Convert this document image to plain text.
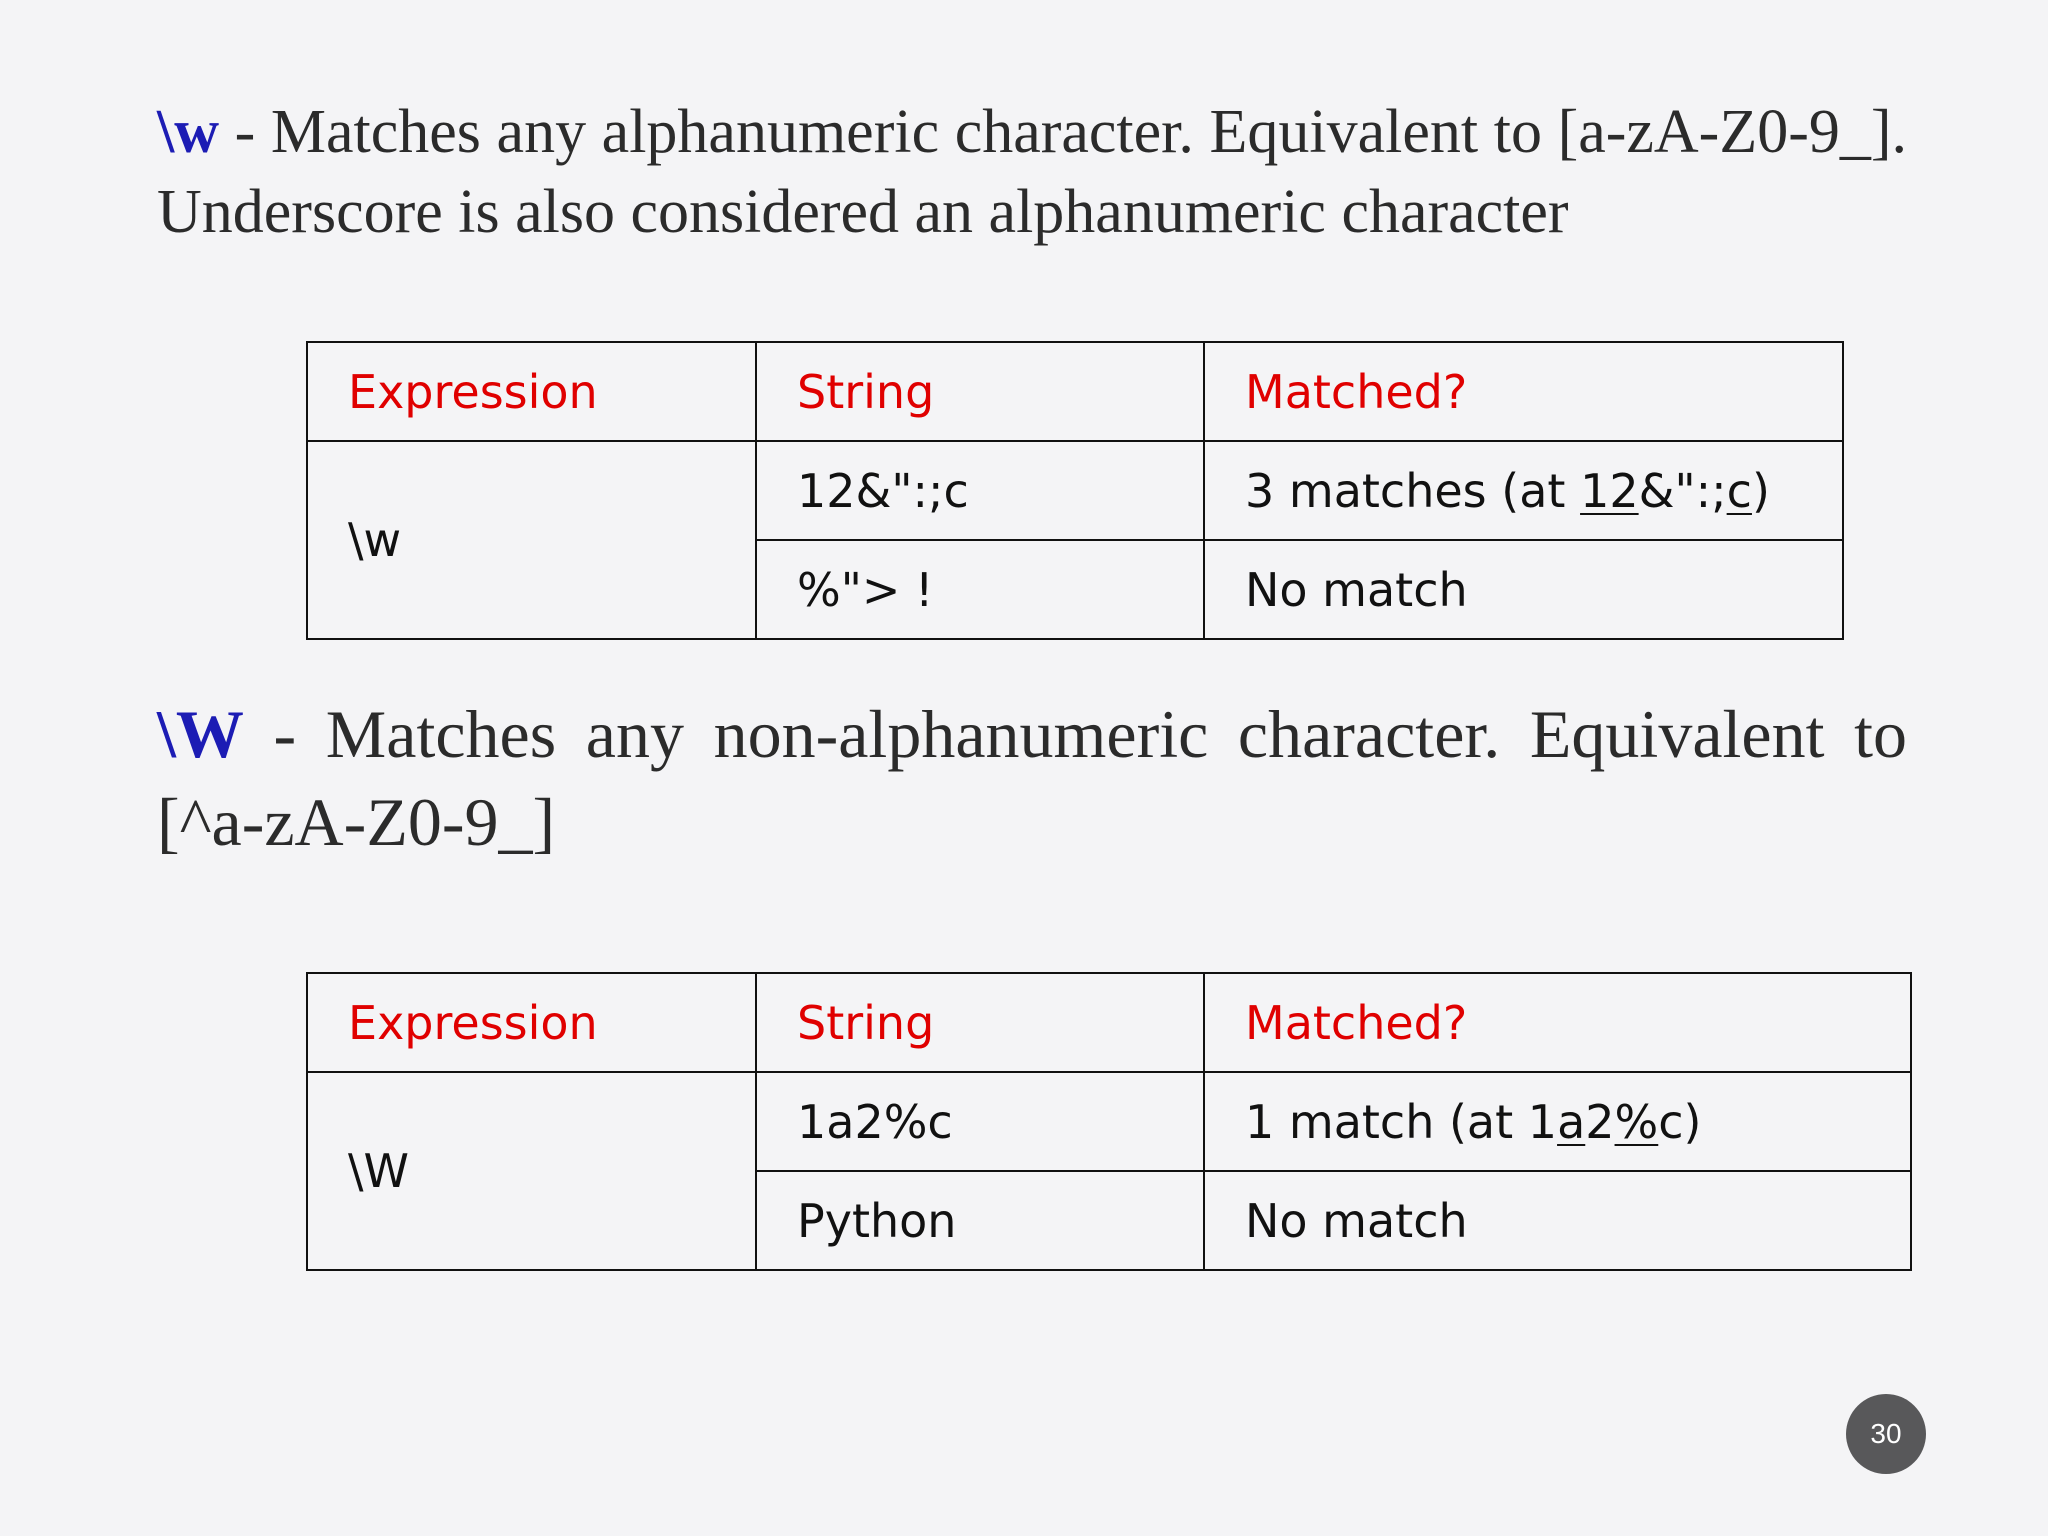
\w - Matches any alphanumeric character. Equivalent to [a-zA-Z0-9_]. Underscore is also considered an alphanumeric character

Expression	String	Matched?
\w	12&":;c	3 matches (at 12&":;c)
	%"> !	No match

\W - Matches any non-alphanumeric character. Equivalent to [^a-zA-Z0-9_]

Expression	String	Matched?
\W	1a2%c	1 match (at 1a2%c)
	Python	No match
30
